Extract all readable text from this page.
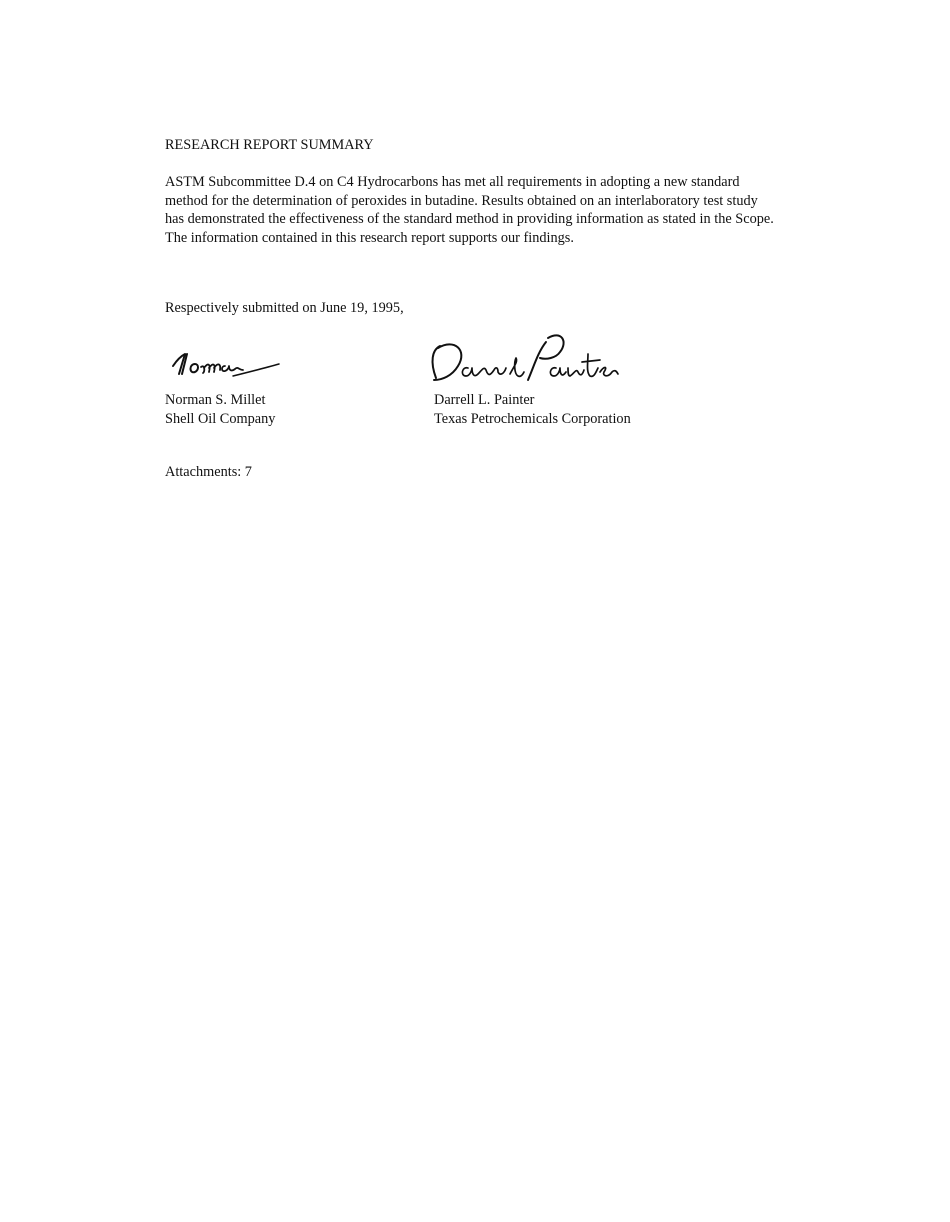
RESEARCH REPORT SUMMARY
ASTM Subcommittee D.4 on C4 Hydrocarbons has met all requirements in adopting a new standard
method for the determination of peroxides in butadine. Results obtained on an interlaboratory test study
has demonstrated the effectiveness of the standard method in providing information as stated in the Scope.
The information contained in this research report supports our findings.
Respectively submitted on June 19, 1995,
Norman S. Millet
Shell Oil Company
Darrell L. Painter
Texas Petrochemicals Corporation
Attachments: 7
